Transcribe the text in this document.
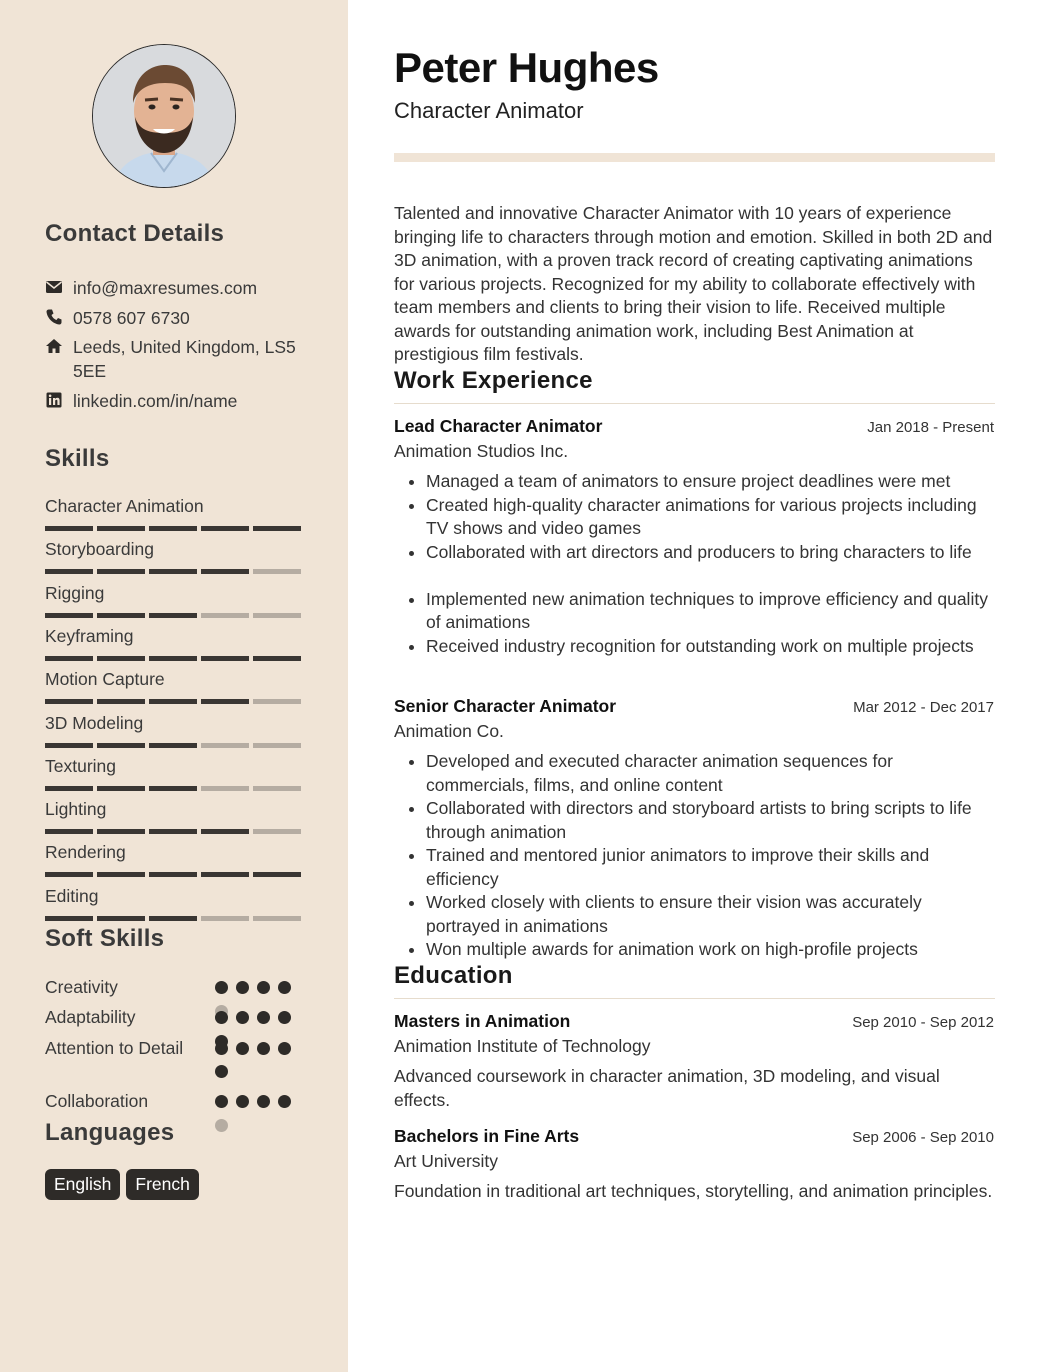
Contact Details
info@maxresumes.com
0578 607 6730
Leeds, United Kingdom, LS5 5EE
linkedin.com/in/name
Skills
Character Animation
Storyboarding
Rigging
Keyframing
Motion Capture
3D Modeling
Texturing
Lighting
Rendering
Editing
Soft Skills
Creativity
Adaptability
Attention to Detail
Collaboration
Languages
English	French
Peter Hughes
Character Animator
Talented and innovative Character Animator with 10 years of experience bringing life to characters through motion and emotion. Skilled in both 2D and 3D animation, with a proven track record of creating captivating animations for various projects. Recognized for my ability to collaborate effectively with team members and clients to bring their vision to life. Received multiple awards for outstanding animation work, including Best Animation at prestigious film festivals.
Work Experience
Lead Character Animator	Jan 2018 - Present
Animation Studios Inc.
• Managed a team of animators to ensure project deadlines were met
• Created high-quality character animations for various projects including TV shows and video games
• Collaborated with art directors and producers to bring characters to life
• Implemented new animation techniques to improve efficiency and quality of animations
• Received industry recognition for outstanding work on multiple projects
Senior Character Animator	Mar 2012 - Dec 2017
Animation Co.
• Developed and executed character animation sequences for commercials, films, and online content
• Collaborated with directors and storyboard artists to bring scripts to life through animation
• Trained and mentored junior animators to improve their skills and efficiency
• Worked closely with clients to ensure their vision was accurately portrayed in animations
• Won multiple awards for animation work on high-profile projects
Education
Masters in Animation	Sep 2010 - Sep 2012
Animation Institute of Technology
Advanced coursework in character animation, 3D modeling, and visual effects.
Bachelors in Fine Arts	Sep 2006 - Sep 2010
Art University
Foundation in traditional art techniques, storytelling, and animation principles.
